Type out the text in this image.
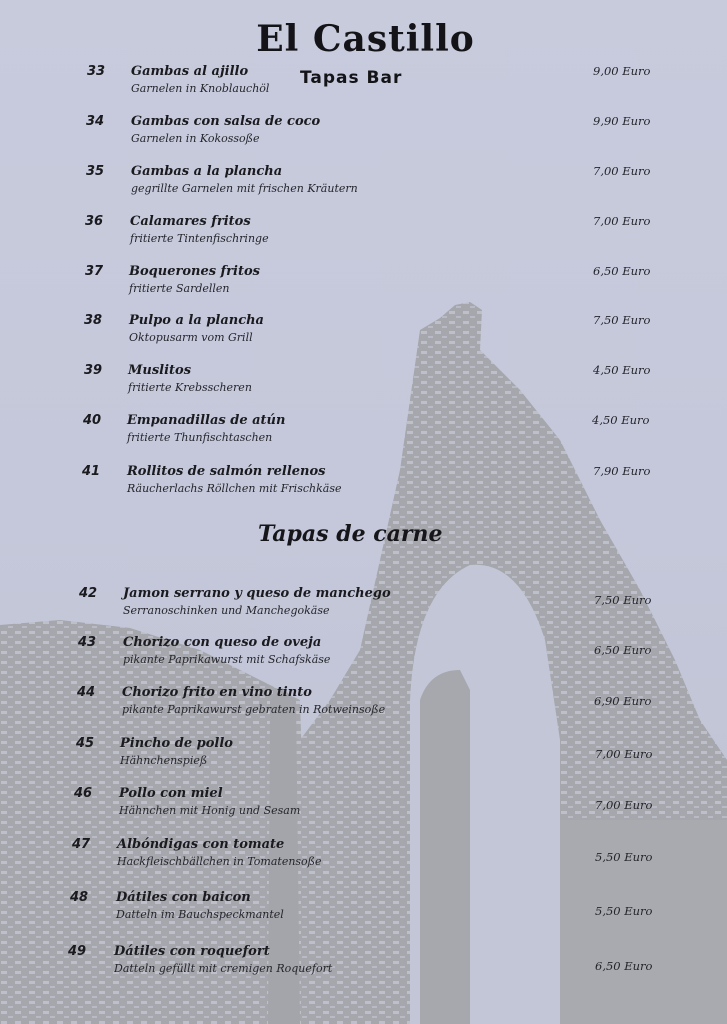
El Castillo
Tapas Bar
33 Gambas al ajillo
Garnelen in Knoblauchöl
9,00 Euro
34 Gambas con salsa de coco
Garnelen in Kokossoße
9,90 Euro
35 Gambas a la plancha
gegrillte Garnelen mit frischen Kräutern
7,00 Euro
36 Calamares fritos
fritierte Tintenfischringe
7,00 Euro
37 Boquerones fritos
fritierte Sardellen
6,50 Euro
38 Pulpo a la plancha
Oktopusarm vom Grill
7,50 Euro
39 Muslitos
fritierte Krebsscheren
4,50 Euro
40 Empanadillas de atún
fritierte Thunfischtaschen
4,50 Euro
41 Rollitos de salmón rellenos
Räucherlachs Röllchen mit Frischkäse
7,90 Euro
Tapas de carne
42 Jamon serrano y queso de manchego
Serranoschinken und Manchegokäse
7,50 Euro
43 Chorizo con queso de oveja
pikante Paprikawurst mit Schafskäse
6,50 Euro
44 Chorizo frito en vino tinto
pikante Paprikawurst gebraten in Rotweinsoße
6,90 Euro
45 Pincho de pollo
Hähnchenspieß	7,00 Euro
46 Pollo con miel
Hähnchen mit Honig und Sesam	7,00 Euro
47 Albóndigas con tomate
Hackfleischbällchen in Tomatensoße	5,50 Euro
48 Dátiles con baicon
Datteln im Bauchspeckmantel	5,50 Euro
49 Dátiles con roquefort
Datteln gefüllt mit cremigen Roquefort	6,50 Euro
